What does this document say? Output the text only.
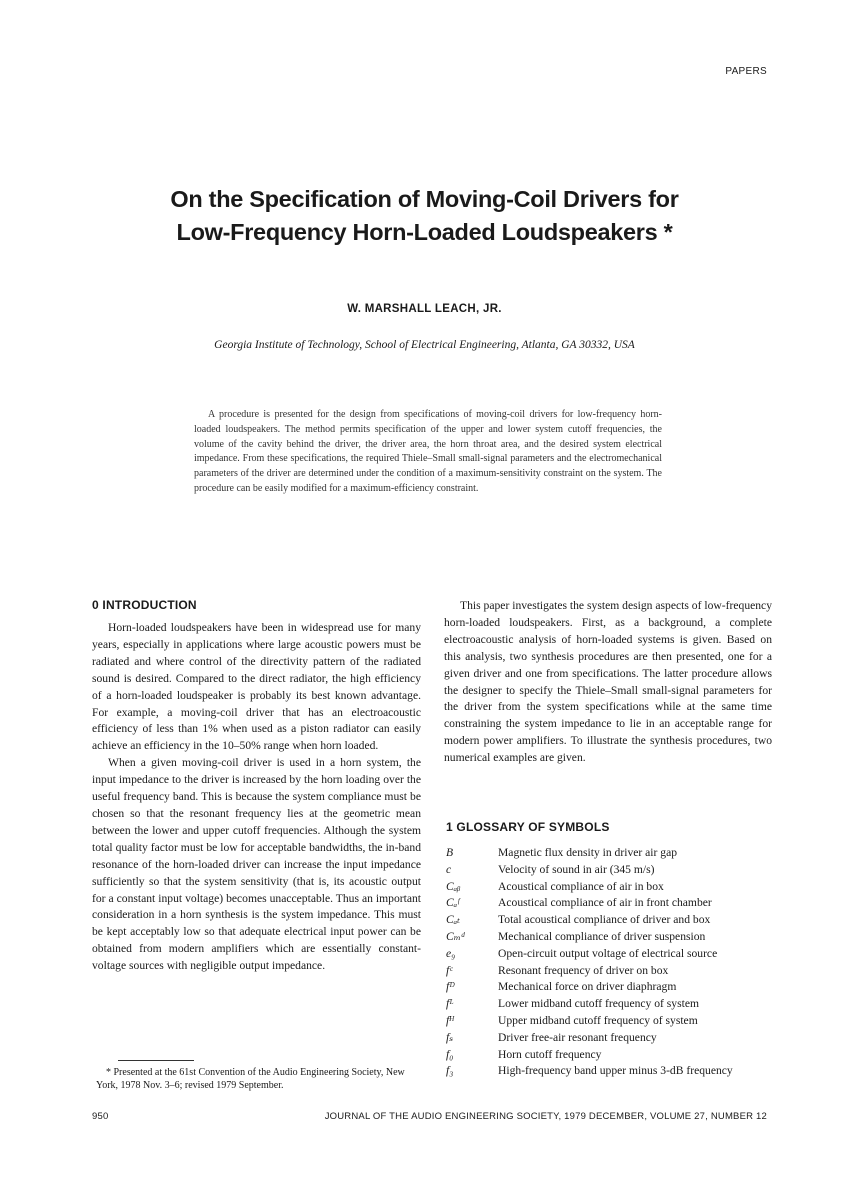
PAPERS
On the Specification of Moving-Coil Drivers for
Low-Frequency Horn-Loaded Loudspeakers *
W. MARSHALL LEACH, JR.
Georgia Institute of Technology, School of Electrical Engineering, Atlanta, GA 30332, USA
A procedure is presented for the design from specifications of moving-coil drivers for low-frequency horn-loaded loudspeakers. The method permits specification of the upper and lower system cutoff frequencies, the volume of the cavity behind the driver, the driver area, the horn throat area, and the desired system electrical impedance. From these specifications, the required Thiele–Small small-signal parameters and the electromechanical parameters of the driver are determined under the condition of a maximum-sensitivity constraint on the system. The procedure can be easily modified for a maximum-efficiency constraint.
0 INTRODUCTION

Horn-loaded loudspeakers have been in widespread use for many years, especially in applications where large acoustic powers must be radiated and where control of the directivity pattern of the radiated sound is desired. Compared to the direct radiator, the high efficiency of a horn-loaded loudspeaker is probably its best known advantage. For example, a moving-coil driver that has an electroacoustic efficiency of less than 1% when used as a piston radiator can easily achieve an efficiency in the 10–50% range when horn loaded.

When a given moving-coil driver is used in a horn system, the input impedance to the driver is increased by the horn loading over the useful frequency band. This is because the system compliance must be chosen so that the resonant frequency lies at the geometric mean between the lower and upper cutoff frequencies. Although the system total quality factor must be low for acceptable bandwidths, the in-band resonance of the horn-loaded driver can increase the input impedance sufficiently so that the system sensitivity (that is, its acoustic output for a constant input voltage) becomes unacceptable. Thus an important consideration in a horn synthesis is the system impedance. This must be kept acceptably low so that adequate electrical input power can be obtained from modern amplifiers which are essentially constant-voltage sources with negligible output impedance.

This paper investigates the system design aspects of low-frequency horn-loaded loudspeakers. First, as a background, a complete electroacoustic analysis of horn-loaded systems is given. Based on this analysis, two synthesis procedures are then presented, one for a given driver and one from specifications. The latter procedure allows the designer to specify the Thiele–Small small-signal parameters for the driver from the system specifications while at the same time constraining the system impedance to lie in an acceptable range for modern power amplifiers. To illustrate the synthesis procedures, two numerical examples are given.

1 GLOSSARY OF SYMBOLS
B	Magnetic flux density in driver air gap
c	Velocity of sound in air (345 m/s)
Cₐᵦ	Acoustical compliance of air in box
Cₐᶠ	Acoustical compliance of air in front chamber
Cₐₜ	Total acoustical compliance of driver and box
Cₘᵈ	Mechanical compliance of driver suspension
e₉	Open-circuit output voltage of electrical source
fᶜ	Resonant frequency of driver on box
fᴰ	Mechanical force on driver diaphragm
fᴸ	Lower midband cutoff frequency of system
fᴴ	Upper midband cutoff frequency of system
fₛ	Driver free-air resonant frequency
f₀	Horn cutoff frequency
f₃	High-frequency band upper minus 3-dB frequency
* Presented at the 61st Convention of the Audio Engineering Society, New York, 1978 Nov. 3–6; revised 1979 September.
950	JOURNAL OF THE AUDIO ENGINEERING SOCIETY, 1979 DECEMBER, VOLUME 27, NUMBER 12
